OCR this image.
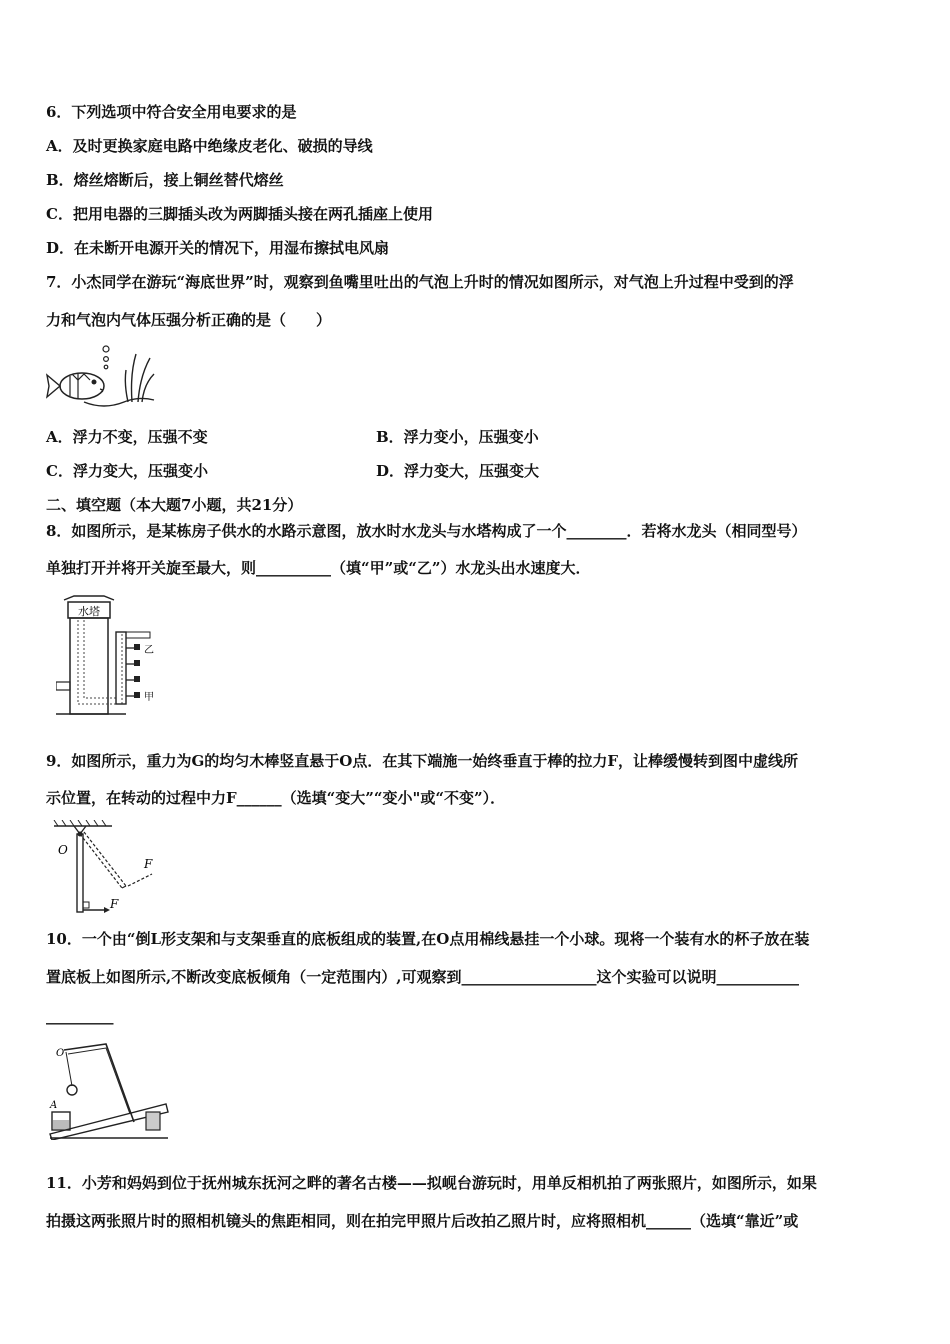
6．下列选项中符合安全用电要求的是
A．及时更换家庭电路中绝缘皮老化、破损的导线
B．熔丝熔断后，接上铜丝替代熔丝
C．把用电器的三脚插头改为两脚插头接在两孔插座上使用
D．在未断开电源开关的情况下，用湿布擦拭电风扇
7．小杰同学在游玩“海底世界”时，观察到鱼嘴里吐出的气泡上升时的情况如图所示，对气泡上升过程中受到的浮
力和气泡内气体压强分析正确的是（　　）
A．浮力不变，压强不变	B．浮力变小，压强变小
C．浮力变大，压强变小	D．浮力变大，压强变大
二、填空题（本大题7小题，共21分）
8．如图所示，是某栋房子供水的水路示意图，放水时水龙头与水塔构成了一个________．若将水龙头（相同型号）
单独打开并将开关旋至最大，则__________（填“甲”或“乙”）水龙头出水速度大．
水塔
乙
甲
9．如图所示，重力为G的均匀木棒竖直悬于O点．在其下端施一始终垂直于棒的拉力F，让棒缓慢转到图中虚线所
示位置，在转动的过程中力F______（选填“变大”“变小"或“不变”）．
O
F
F
10．一个由“倒L形支架和与支架垂直的底板组成的装置,在O点用棉线悬挂一个小球。现将一个装有水的杯子放在装
置底板上如图所示,不断改变底板倾角（一定范围内）,可观察到__________________这个实验可以说明___________
_________
O
A
11．小芳和妈妈到位于抚州城东抚河之畔的著名古楼——拟岘台游玩时，用单反相机拍了两张照片，如图所示，如果
拍摄这两张照片时的照相机镜头的焦距相同，则在拍完甲照片后改拍乙照片时，应将照相机______（选填“靠近”或
